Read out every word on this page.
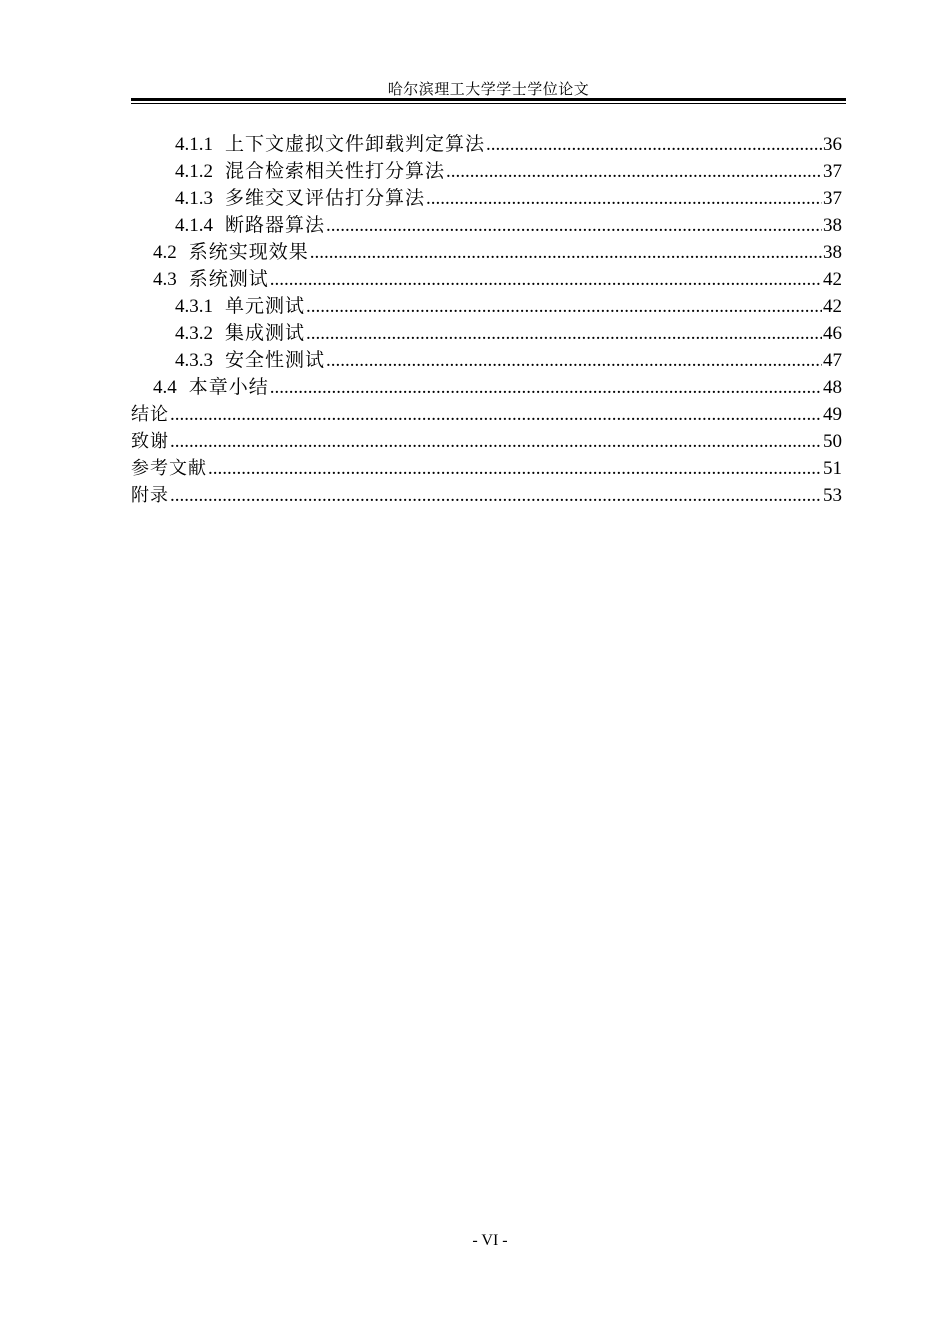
哈尔滨理工大学学士学位论文
4.1.1 上下文虚拟文件卸载判定算法 .....	36
4.1.2 混合检索相关性打分算法 .....	37
4.1.3 多维交叉评估打分算法 .....	37
4.1.4 断路器算法 .....	38
4.2 系统实现效果 .....	38
4.3 系统测试 .....	42
4.3.1 单元测试 .....	42
4.3.2 集成测试 .....	46
4.3.3 安全性测试 .....	47
4.4 本章小结 .....	48
结论 .....	49
致谢 .....	50
参考文献 .....	51
附录 .....	53
- VI -
